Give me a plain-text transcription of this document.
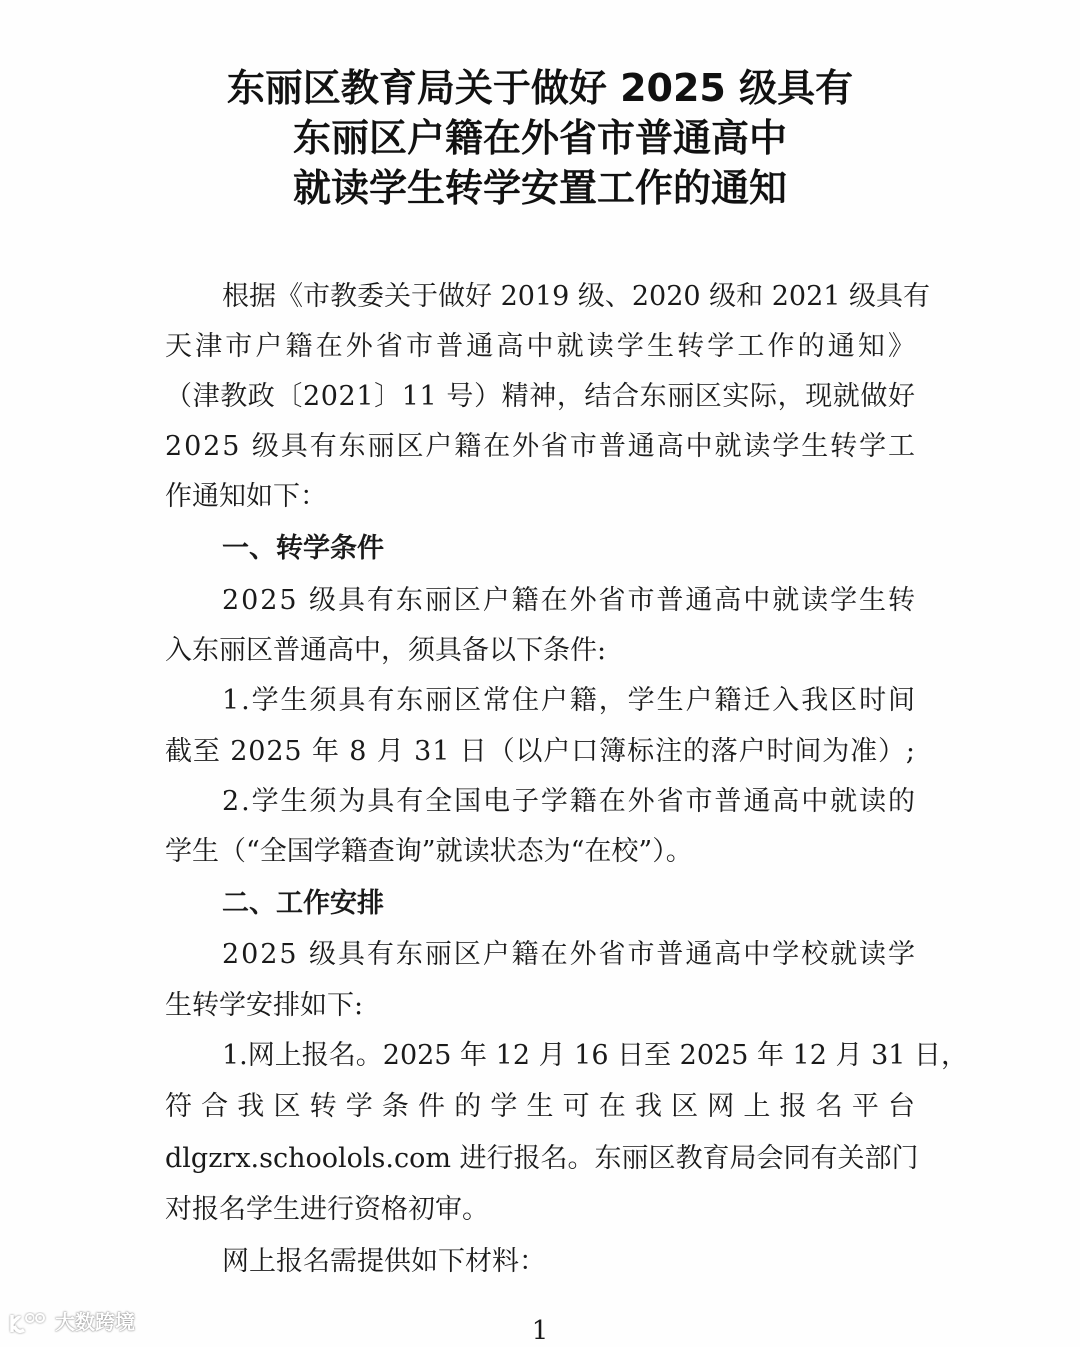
东丽区教育局关于做好 2025 级具有
东丽区户籍在外省市普通高中
就读学生转学安置工作的通知
根据《市教委关于做好 2019 级、2020 级和 2021 级具有
天津市户籍在外省市普通高中就读学生转学工作的通知》
（津教政〔2021〕11 号）精神，结合东丽区实际，现就做好
2025 级具有东丽区户籍在外省市普通高中就读学生转学工
作通知如下：
一、转学条件
2025 级具有东丽区户籍在外省市普通高中就读学生转
入东丽区普通高中，须具备以下条件:
1.学生须具有东丽区常住户籍，学生户籍迁入我区时间
截至 2025 年 8 月 31 日（以户口簿标注的落户时间为准）;
2.学生须为具有全国电子学籍在外省市普通高中就读的
学生（“全国学籍查询”就读状态为“在校”）。
二、工作安排
2025 级具有东丽区户籍在外省市普通高中学校就读学
生转学安排如下:
1.网上报名。2025 年 12 月 16 日至 2025 年 12 月 31 日，
符合我区转学条件的学生可在我区网上报名平台
dlgzrx.schoolols.com 进行报名。东丽区教育局会同有关部门
对报名学生进行资格初审。
网上报名需提供如下材料：
大数跨境	1
